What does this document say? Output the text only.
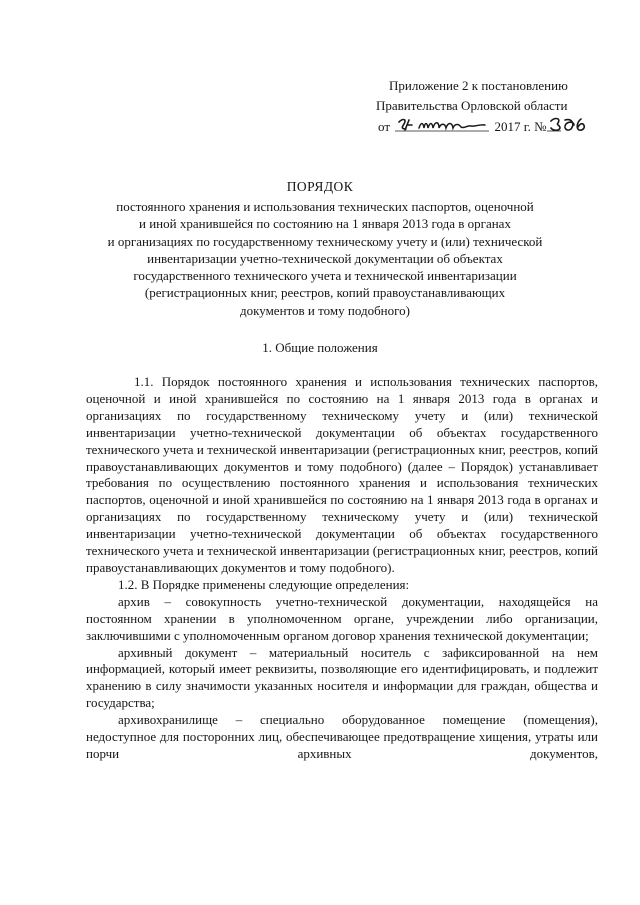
Приложение 2 к постановлению
Правительства Орловской области
от	2017 г. №
ПОРЯДОК
постоянного хранения и использования технических паспортов, оценочной
и иной хранившейся по состоянию на 1 января 2013 года в органах
и организациях по государственному техническому учету и (или) технической
инвентаризации учетно-технической документации об объектах
государственного технического учета и технической инвентаризации
(регистрационных книг, реестров, копий правоустанавливающих
документов и тому подобного)
1. Общие положения

1.1. Порядок постоянного хранения и использования технических паспортов, оценочной и иной хранившейся по состоянию на 1 января 2013 года в органах и организациях по государственному техническому учету и (или) технической инвентаризации учетно-технической документации об объектах государственного технического учета и технической инвентаризации (регистрационных книг, реестров, копий правоустанавливающих документов и тому подобного) (далее – Порядок) устанавливает требования по осуществлению постоянного хранения и использования технических паспортов, оценочной и иной хранившейся по состоянию на 1 января 2013 года в органах и организациях по государственному техническому учету и (или) технической инвентаризации учетно-технической документации об объектах государственного технического учета и технической инвентаризации (регистрационных книг, реестров, копий правоустанавливающих документов и тому подобного).

1.2. В Порядке применены следующие определения:

архив – совокупность учетно-технической документации, находящейся на постоянном хранении в уполномоченном органе, учреждении либо организации, заключившими с уполномоченным органом договор хранения технической документации;

архивный документ – материальный носитель с зафиксированной на нем информацией, который имеет реквизиты, позволяющие его идентифицировать, и подлежит хранению в силу значимости указанных носителя и информации для граждан, общества и государства;

архивохранилище – специально оборудованное помещение (помещения), недоступное для посторонних лиц, обеспечивающее предотвращение хищения, утраты или порчи архивных документов,
